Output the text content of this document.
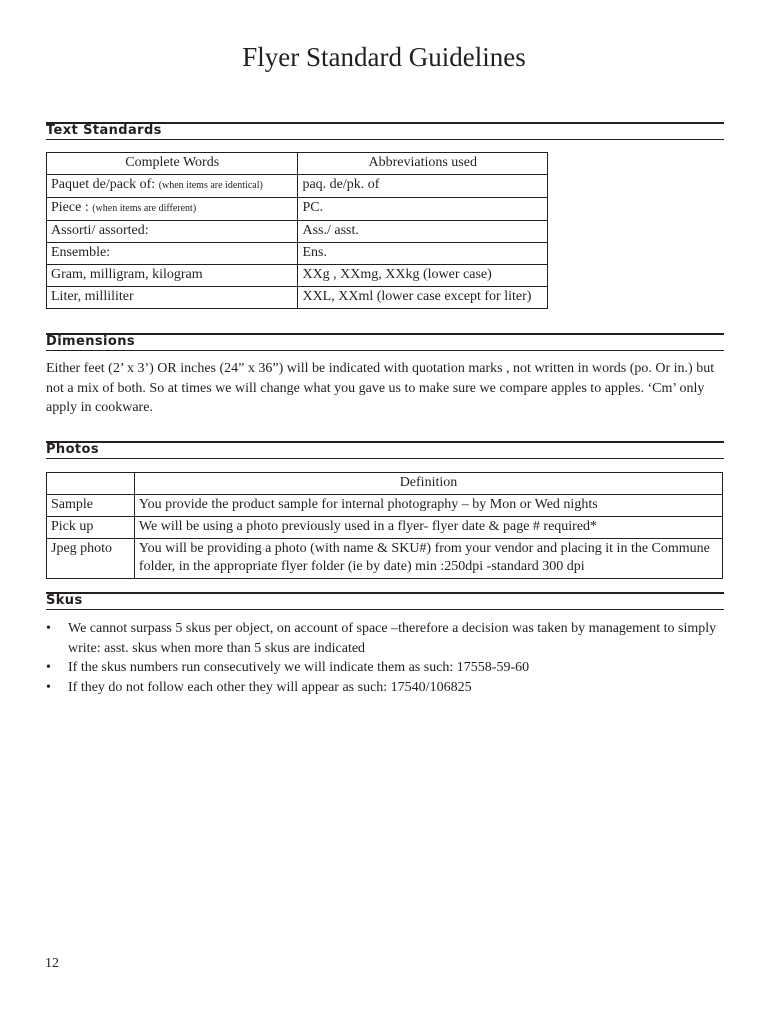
Flyer Standard Guidelines
Text Standards
Complete Words	Abbreviations used
Paquet de/pack of: (when items are identical)	paq. de/pk. of
Piece : (when items are different)	PC.
Assorti/ assorted:	Ass./ asst.
Ensemble:	Ens.
Gram, milligram, kilogram	XXg , XXmg, XXkg (lower case)
Liter, milliliter	XXL, XXml (lower case except for liter)
Dimensions
Either feet (2’ x 3’) OR inches (24” x 36”) will be indicated with quotation marks , not written in words (po. Or in.) but not a mix of both. So at times we will change what you gave us to make sure we compare apples to apples. ‘Cm’ only apply in cookware.
Photos
	Definition
Sample	You provide the product sample for internal photography – by Mon or Wed nights
Pick up	We will be using a photo previously used in a flyer- flyer date & page # required*
Jpeg photo	You will be providing a photo (with name & SKU#) from your vendor and placing it in the Commune folder, in the appropriate flyer folder (ie by date) min :250dpi -standard 300 dpi
Skus
• We cannot surpass 5 skus per object, on account of space –therefore a decision was taken by management to simply write: asst. skus when more than 5 skus are indicated
• If the skus numbers run consecutively we will indicate them as such: 17558-59-60
• If they do not follow each other they will appear as such: 17540/106825
12
